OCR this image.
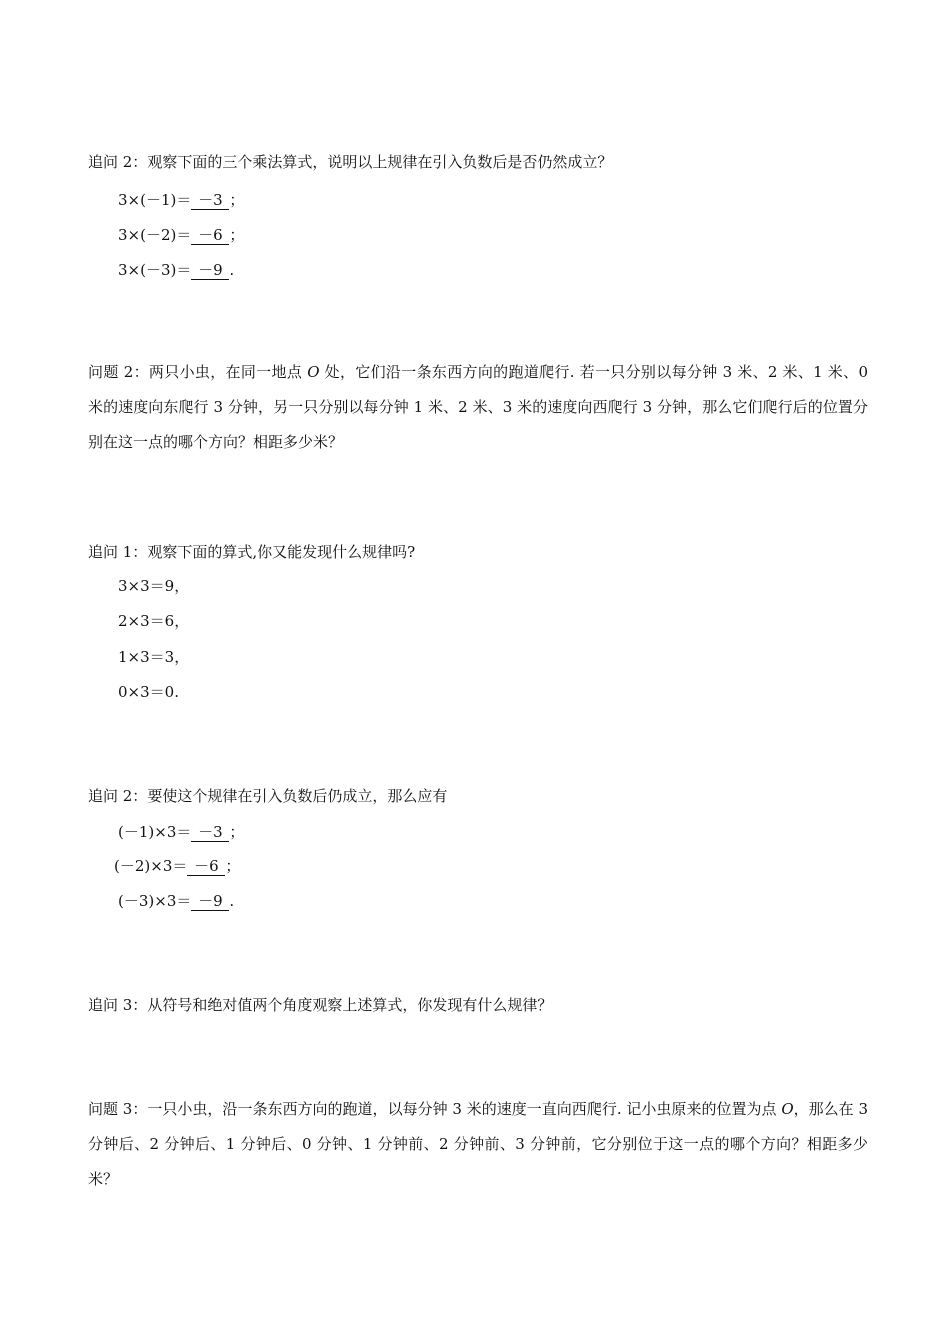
追问 2：观察下面的三个乘法算式，说明以上规律在引入负数后是否仍然成立？
3×(－1)＝ －3 ；
3×(－2)＝ －6 ；
3×(－3)＝ －9 .
问题 2：两只小虫，在同一地点 O 处，它们沿一条东西方向的跑道爬行. 若一只分别以每分钟 3 米、2 米、1 米、0 米的速度向东爬行 3 分钟，另一只分别以每分钟 1 米、2 米、3 米的速度向西爬行 3 分钟，那么它们爬行后的位置分别在这一点的哪个方向？相距多少米？
追问 1：观察下面的算式,你又能发现什么规律吗?
3×3＝9，
2×3＝6，
1×3＝3，
0×3＝0.
追问 2：要使这个规律在引入负数后仍成立，那么应有
(－1)×3＝ －3 ；
(－2)×3＝ －6 ；
(－3)×3＝ －9 .
追问 3：从符号和绝对值两个角度观察上述算式，你发现有什么规律？
问题 3：一只小虫，沿一条东西方向的跑道，以每分钟 3 米的速度一直向西爬行. 记小虫原来的位置为点 O，那么在 3 分钟后、2 分钟后、1 分钟后、0 分钟、1 分钟前、2 分钟前、3 分钟前，它分别位于这一点的哪个方向？相距多少米？
